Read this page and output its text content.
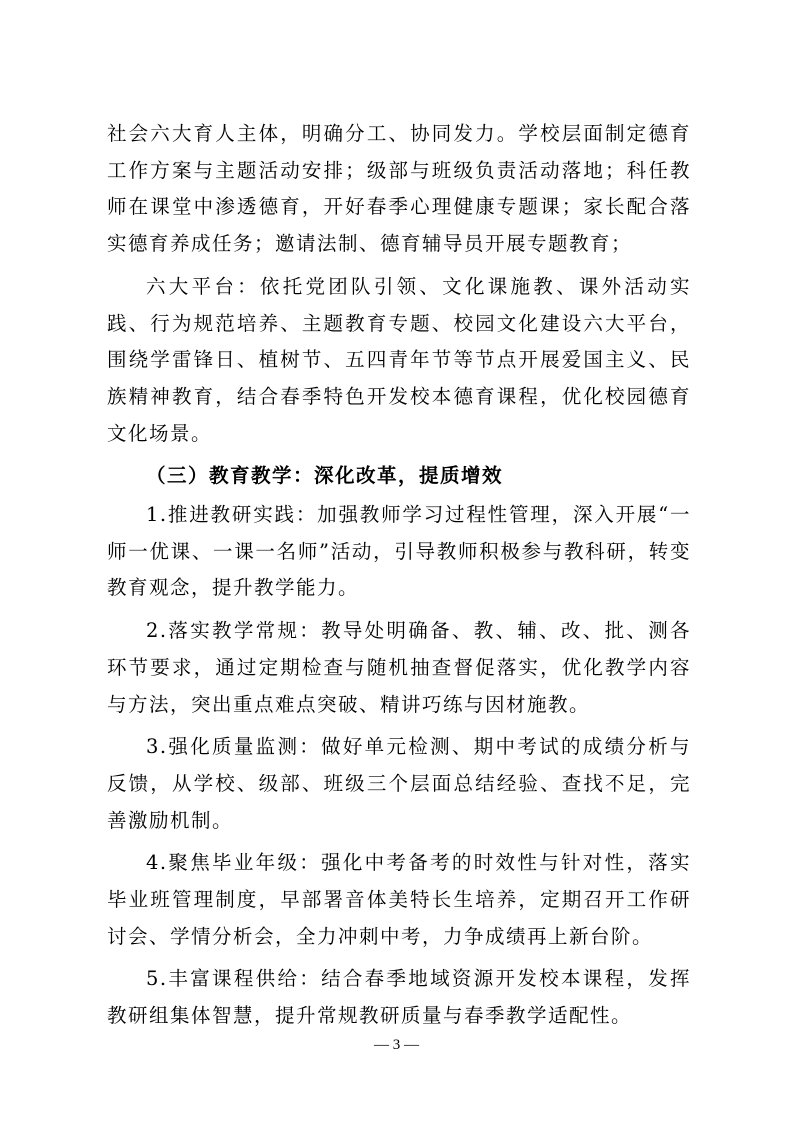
社会六大育人主体，明确分工、协同发力。学校层面制定德育工作方案与主题活动安排；级部与班级负责活动落地；科任教师在课堂中渗透德育，开好春季心理健康专题课；家长配合落实德育养成任务；邀请法制、德育辅导员开展专题教育；

六大平台：依托党团队引领、文化课施教、课外活动实践、行为规范培养、主题教育专题、校园文化建设六大平台，围绕学雷锋日、植树节、五四青年节等节点开展爱国主义、民族精神教育，结合春季特色开发校本德育课程，优化校园德育文化场景。

（三）教育教学：深化改革，提质增效

1.推进教研实践：加强教师学习过程性管理，深入开展“一师一优课、一课一名师”活动，引导教师积极参与教科研，转变教育观念，提升教学能力。

2.落实教学常规：教导处明确备、教、辅、改、批、测各环节要求，通过定期检查与随机抽查督促落实，优化教学内容与方法，突出重点难点突破、精讲巧练与因材施教。

3.强化质量监测：做好单元检测、期中考试的成绩分析与反馈，从学校、级部、班级三个层面总结经验、查找不足，完善激励机制。

4.聚焦毕业年级：强化中考备考的时效性与针对性，落实毕业班管理制度，早部署音体美特长生培养，定期召开工作研讨会、学情分析会，全力冲刺中考，力争成绩再上新台阶。

5.丰富课程供给：结合春季地域资源开发校本课程，发挥教研组集体智慧，提升常规教研质量与春季教学适配性。

— 3 —
